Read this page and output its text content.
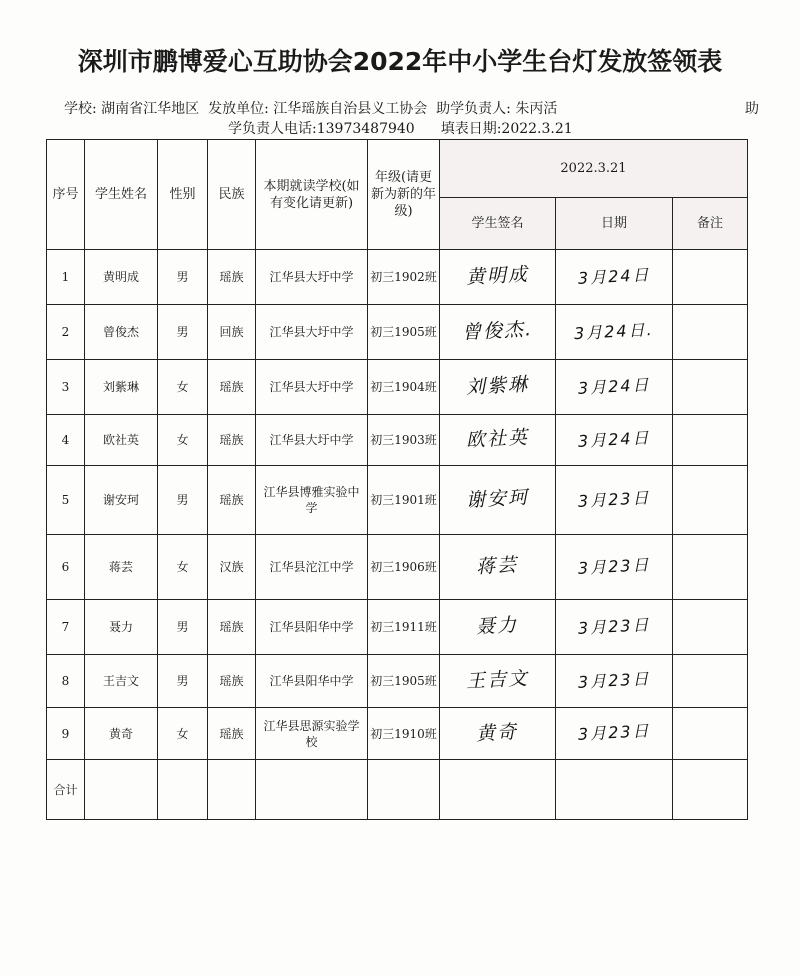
深圳市鹏博爱心互助协会2022年中小学生台灯发放签领表
学校: 湖南省江华地区 发放单位: 江华瑶族自治县义工协会 助学负责人: 朱丙活	助
学负责人电话:13973487940 填表日期:2022.3.21
序号	学生姓名	性别	民族	本期就读学校(如有变化请更新)	年级(请更新为新的年级)	2022.3.21		
						学生签名	日期	备注
1	黄明成	男	瑶族	江华县大圩中学	初三1902班	黄明成	3月24日	
2	曾俊杰	男	回族	江华县大圩中学	初三1905班	曾俊杰.	3月24日.	
3	刘紫琳	女	瑶族	江华县大圩中学	初三1904班	刘紫琳	3月24日	
4	欧社英	女	瑶族	江华县大圩中学	初三1903班	欧社英	3月24日	
5	谢安珂	男	瑶族	江华县博雅实验中学	初三1901班	谢安珂	3月23日	
6	蒋芸	女	汉族	江华县沱江中学	初三1906班	蒋芸	3月23日	
7	聂力	男	瑶族	江华县阳华中学	初三1911班	聂力	3月23日	
8	王吉文	男	瑶族	江华县阳华中学	初三1905班	王吉文	3月23日	
9	黄奇	女	瑶族	江华县思源实验学校	初三1910班	黄奇	3月23日	
合计								
